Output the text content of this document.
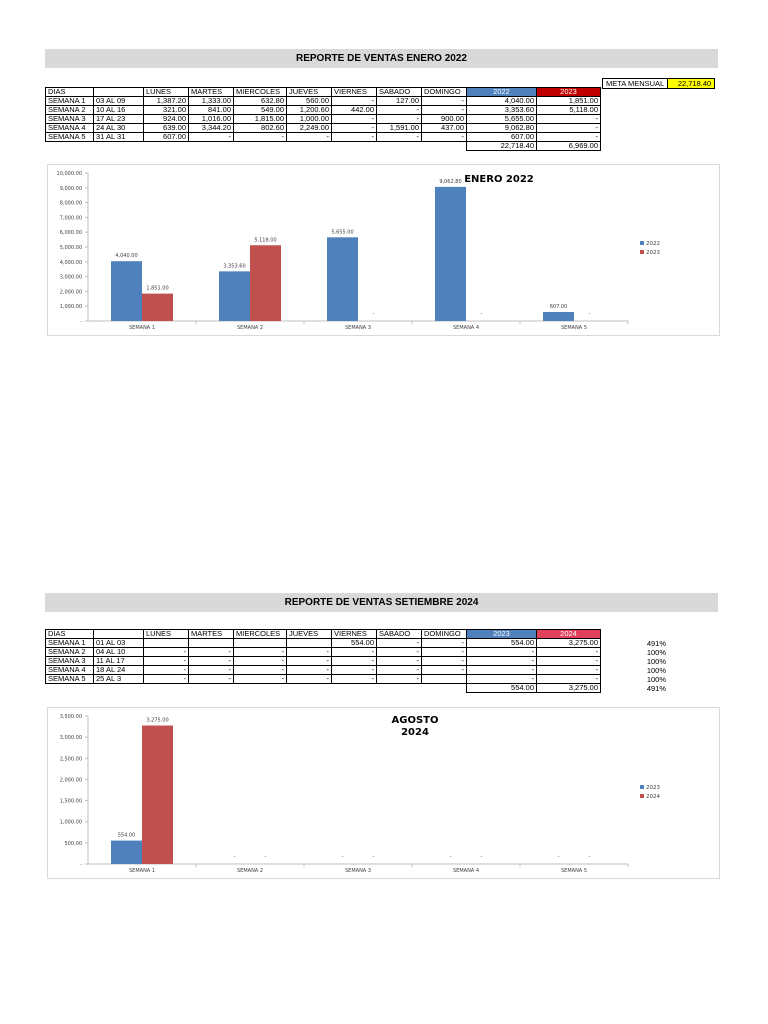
REPORTE DE VENTAS ENERO 2022
META MENSUAL	22,718.40
DIAS		LUNES	MARTES	MIERCOLES	JUEVES	VIERNES	SABADO	DOMINGO	2022	2023
SEMANA 1	03 AL 09	1,387.20	1,333.00	632.80	560.00	-	127.00	-	4,040.00	1,851.00
SEMANA 2	10 AL 16	321.00	841.00	549.00	1,200.60	442.00	-	-	3,353.60	5,118.00
SEMANA 3	17 AL 23	924.00	1,016.00	1,815.00	1,000.00	-	-	900.00	5,655.00	-
SEMANA 4	24 AL 30	639.00	3,344.20	802.60	2,249.00	-	1,591.00	437.00	9,062.80	-
SEMANA 5	31 AL 31	607.00	-	-	-	-	-	-	607.00	-
									22,718.40	6,969.00
-
1,000.00
2,000.00
3,000.00
4,000.00
5,000.00
6,000.00
7,000.00
8,000.00
9,000.00
10,000.00
SEMANA 1
4,040.00
1,851.00
SEMANA 2
3,353.60
5,118.00
SEMANA 3
5,655.00
-
SEMANA 4
9,062.80
-
SEMANA 5
607.00
-
ENERO 2022
2022
2023
REPORTE DE VENTAS SETIEMBRE 2024
DIAS		LUNES	MARTES	MIERCOLES	JUEVES	VIERNES	SABADO	DOMINGO	2023	2024
SEMANA 1	01 AL 03					554.00	-	-	554.00	3,275.00
SEMANA 2	04 AL 10	-	-	-	-	-	-	-	-	-
SEMANA 3	11 AL 17	-	-	-	-	-	-	-	-	-
SEMANA 4	18 AL 24	-	-	-	-	-	-	-	-	-
SEMANA 5	25 AL 3	-	-	-	-	-	-		-	-
									554.00	3,275.00
-
500.00
1,000.00
1,500.00
2,000.00
2,500.00
3,000.00
3,500.00
SEMANA 1
554.00
3,275.00
SEMANA 2
-	-
SEMANA 3
-	-
SEMANA 4
-	-
SEMANA 5
-	-
AGOSTO
2024
2023
2024
491%
100%
100%
100%
100%
491%
